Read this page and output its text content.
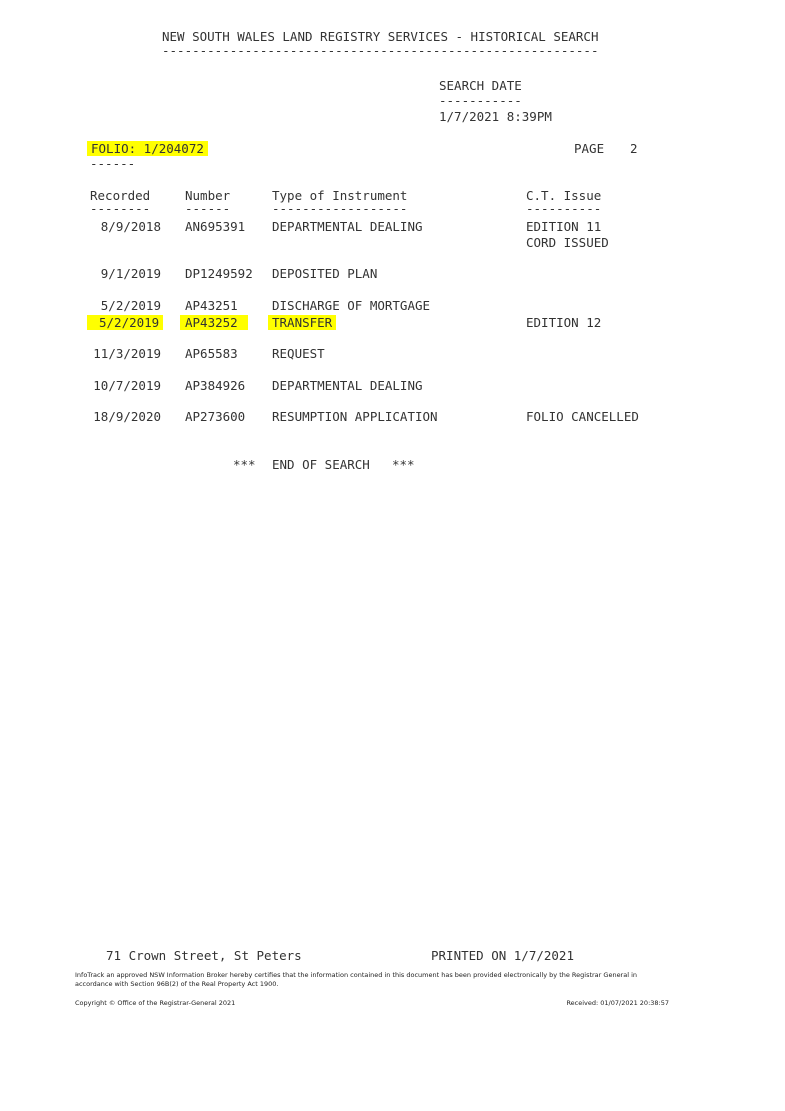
NEW SOUTH WALES LAND REGISTRY SERVICES - HISTORICAL SEARCH
----------------------------------------------------------
SEARCH DATE
-----------
1/7/2021 8:39PM
FOLIO: 1/204072
------
PAGE 2
Recorded	Number	Type of Instrument	C.T. Issue
--------	------	------------------	----------
8/9/2018 AN695391 DEPARTMENTAL DEALING	EDITION 11
CORD ISSUED
9/1/2019 DP1249592 DEPOSITED PLAN
5/2/2019 AP43251	DISCHARGE OF MORTGAGE
5/2/2019	AP43252	TRANSFER	EDITION 12
11/3/2019 AP65583	REQUEST
10/7/2019 AP384926 DEPARTMENTAL DEALING
18/9/2020 AP273600 RESUMPTION APPLICATION	FOLIO CANCELLED
*** END OF SEARCH ***
71 Crown Street, St Peters	PRINTED ON 1/7/2021
InfoTrack an approved NSW Information Broker hereby certifies that the information contained in this document has been provided electronically by the Registrar General in accordance with Section 96B(2) of the Real Property Act 1900.
Copyright © Office of the Registrar-General 2021	Received: 01/07/2021 20:38:57
